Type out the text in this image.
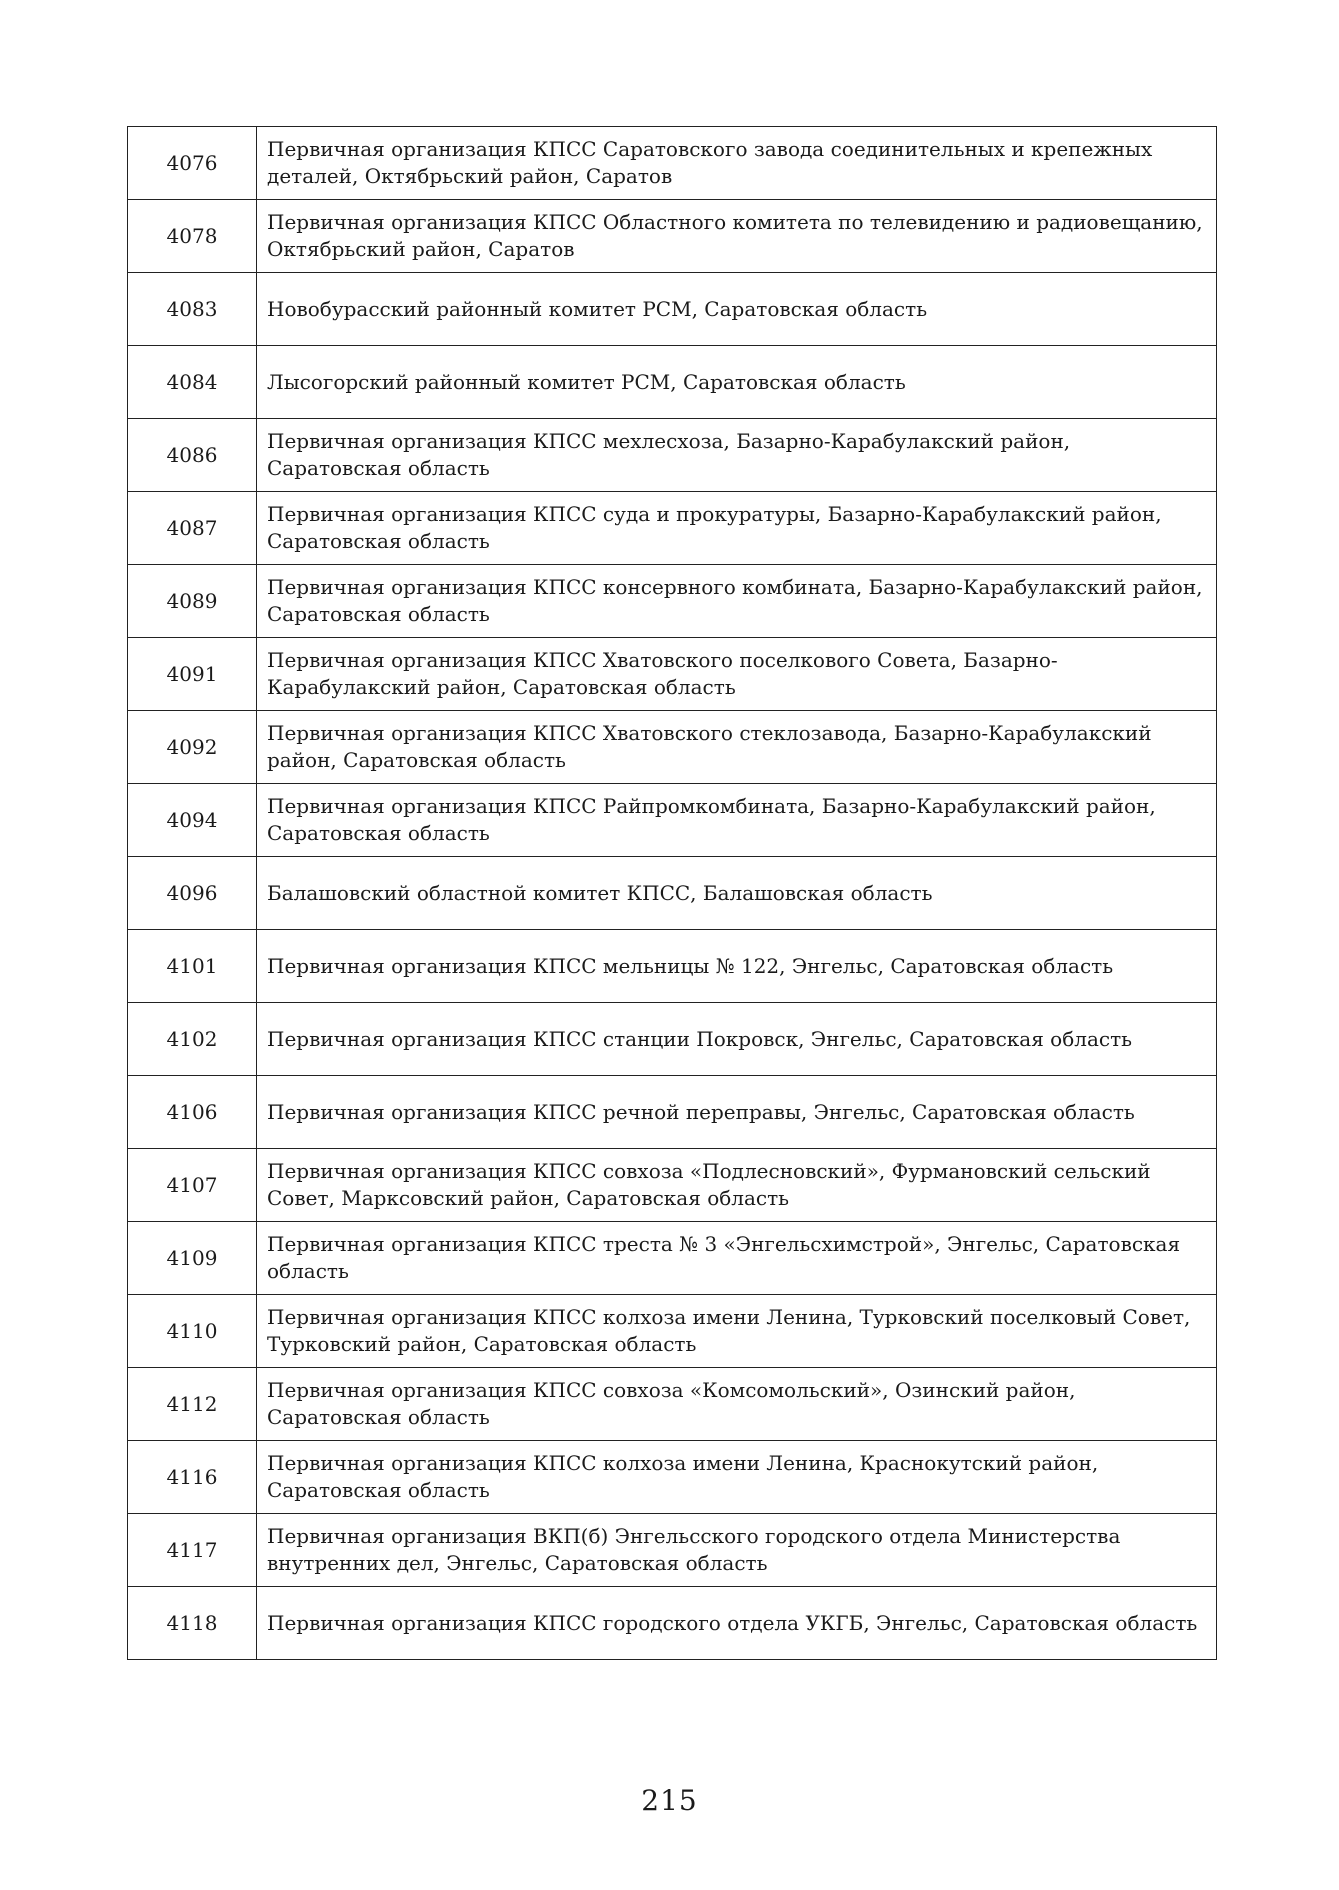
4076	Первичная организация КПСС Саратовского завода соединительных и крепежных деталей, Октябрьский район, Саратов
4078	Первичная организация КПСС Областного комитета по телевидению и радиовещанию, Октябрьский район, Саратов
4083	Новобурасский районный комитет РСМ, Саратовская область
4084	Лысогорский районный комитет РСМ, Саратовская область
4086	Первичная организация КПСС мехлесхоза, Базарно-Карабулакский район, Саратовская область
4087	Первичная организация КПСС суда и прокуратуры, Базарно-Карабулакский район, Саратовская область
4089	Первичная организация КПСС консервного комбината, Базарно-Карабулакский район, Саратовская область
4091	Первичная организация КПСС Хватовского поселкового Совета, Базарно-Карабулакский район, Саратовская область
4092	Первичная организация КПСС Хватовского стеклозавода, Базарно-Карабулакский район, Саратовская область
4094	Первичная организация КПСС Райпромкомбината, Базарно-Карабулакский район, Саратовская область
4096	Балашовский областной комитет КПСС, Балашовская область
4101	Первичная организация КПСС мельницы № 122, Энгельс, Саратовская область
4102	Первичная организация КПСС станции Покровск, Энгельс, Саратовская область
4106	Первичная организация КПСС речной переправы, Энгельс, Саратовская область
4107	Первичная организация КПСС совхоза «Подлесновский», Фурмановский сельский Совет, Марксовский район, Саратовская область
4109	Первичная организация КПСС треста № 3 «Энгельсхимстрой», Энгельс, Саратовская область
4110	Первичная организация КПСС колхоза имени Ленина, Турковский поселковый Совет, Турковский район, Саратовская область
4112	Первичная организация КПСС совхоза «Комсомольский», Озинский район, Саратовская область
4116	Первичная организация КПСС колхоза имени Ленина, Краснокутский район, Саратовская область
4117	Первичная организация ВКП(б) Энгельсского городского отдела Министерства внутренних дел, Энгельс, Саратовская область
4118	Первичная организация КПСС городского отдела УКГБ, Энгельс, Саратовская область
215
